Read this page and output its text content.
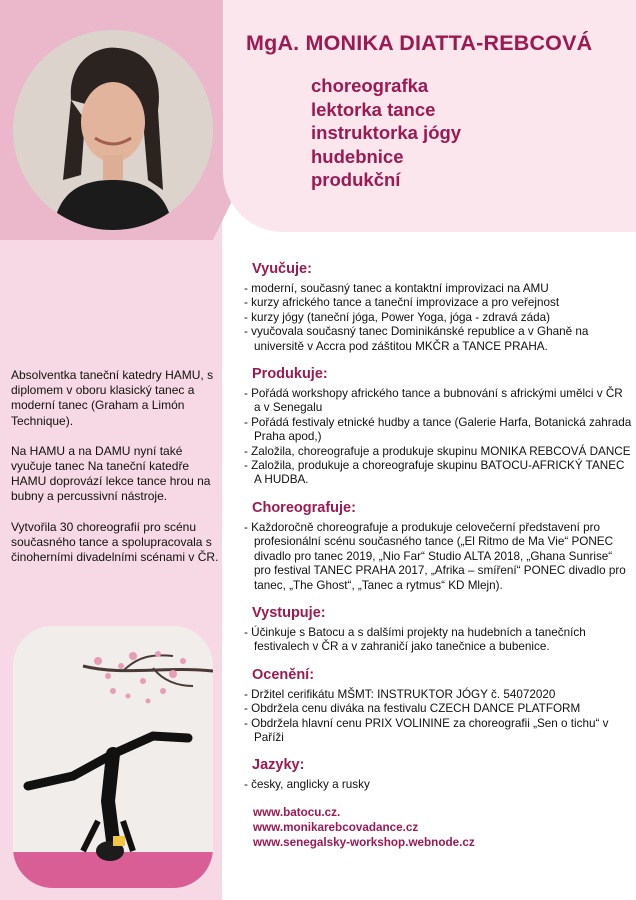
MgA. MONIKA DIATTA-REBCOVÁ
choreografka
lektorka tance
instruktorka jógy
hudebnice
produkční

Absolventka taneční katedry HAMU, s diplomem v oboru klasický tanec a moderní tanec (Graham a Limón Technique).

Na HAMU a na DAMU nyní také vyučuje tanec Na taneční katedře HAMU doprovází lekce tance hrou na bubny a percussivní nástroje.

Vytvořila 30 choreografií pro scénu současného tance a spolupracovala s činoherními divadelními scénami v ČR.

Vyučuje:
- moderní, současný tanec a kontaktní improvizaci na AMU
- kurzy afrického tance a taneční improvizace a pro veřejnost
- kurzy jógy (taneční jóga, Power Yoga, jóga - zdravá záda)
- vyučovala současný tanec Dominikánské republice a v Ghaně na universitě v Accra pod záštitou MKČR a TANCE PRAHA.
Produkuje:
- Pořádá workshopy afrického tance a bubnování s africkými umělci v ČR a v Senegalu
- Pořádá festivaly etnické hudby a tance (Galerie Harfa, Botanická zahrada Praha apod,)
- Založila, choreografuje a produkuje skupinu MONIKA REBCOVÁ DANCE
- Založila, produkuje a choreografuje skupinu BATOCU-AFRICKÝ TANEC A HUDBA.
Choreografuje:
- Každoročně choreografuje a produkuje celovečerní představení pro profesionální scénu současného tance („El Ritmo de Ma Vie“ PONEC divadlo pro tanec 2019, „Nio Far“ Studio ALTA 2018, „Ghana Sunrise“ pro festival TANEC PRAHA 2017, „Afrika – smíření“ PONEC divadlo pro tanec, „The Ghost“, „Tanec a rytmus“ KD Mlejn).
Vystupuje:
- Účinkuje s Batocu a s dalšími projekty na hudebních a tanečních festivalech v ČR a v zahraničí jako tanečnice a bubenice.
Ocenění:
- Držitel cerifikátu MŠMT: INSTRUKTOR JÓGY č. 54072020
- Obdržela cenu diváka na festivalu CZECH DANCE PLATFORM
- Obdržela hlavní cenu PRIX VOLININE za choreografii „Sen o tichu“ v Paříži
Jazyky:
- česky, anglicky a rusky
www.batocu.cz.
www.monikarebcovadance.cz
www.senegalsky-workshop.webnode.cz
